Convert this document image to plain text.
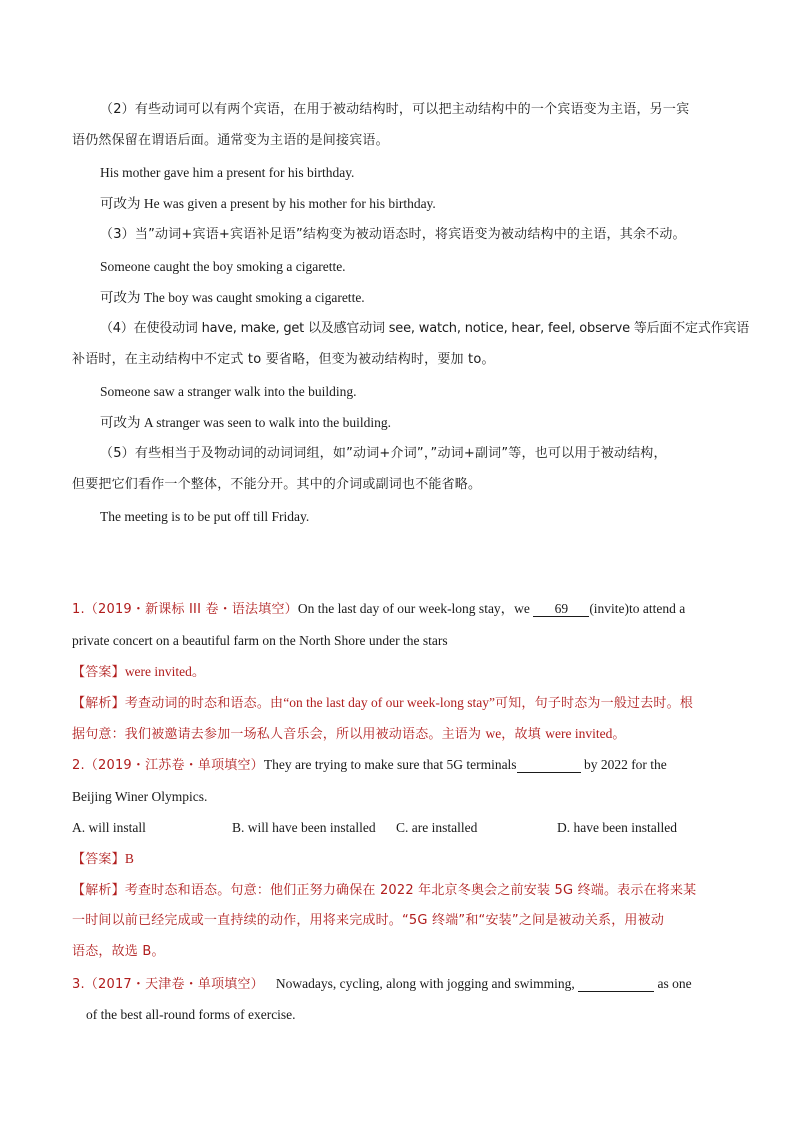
（2）有些动词可以有两个宾语，在用于被动结构时，可以把主动结构中的一个宾语变为主语，另一宾
语仍然保留在谓语后面。通常变为主语的是间接宾语。
His mother gave him a present for his birthday.
可改为 He was given a present by his mother for his birthday.
（3）当”动词+宾语+宾语补足语”结构变为被动语态时，将宾语变为被动结构中的主语，其余不动。
Someone caught the boy smoking a cigarette.
可改为 The boy was caught smoking a cigarette.
（4）在使役动词 have, make, get 以及感官动词 see, watch, notice, hear, feel, observe 等后面不定式作宾语
补语时，在主动结构中不定式 to 要省略，但变为被动结构时，要加 to。
Someone saw a stranger walk into the building.
可改为 A stranger was seen to walk into the building.
（5）有些相当于及物动词的动词词组，如”动词+介词”，”动词+副词”等，也可以用于被动结构，
但要把它们看作一个整体，不能分开。其中的介词或副词也不能省略。
The meeting is to be put off till Friday.
1.（2019・新课标 III 卷・语法填空）On the last day of our week-long stay，we 69 (invite)to attend a
private concert on a beautiful farm on the North Shore under the stars
【答案】were invited。
【解析】考查动词的时态和语态。由“on the last day of our week-long stay”可知，句子时态为一般过去时。根
据句意：我们被邀请去参加一场私人音乐会，所以用被动语态。主语为 we，故填 were invited。
2.（2019・江苏卷・单项填空）They are trying to make sure that 5G terminals	by 2022 for the
Beijing Winer Olympics.
A. will install	B. will have been installed C. are installed	D. have been installed
【答案】B
【解析】考查时态和语态。句意：他们正努力确保在 2022 年北京冬奥会之前安装 5G 终端。表示在将来某
一时间以前已经完成或一直持续的动作，用将来完成时。“5G 终端”和“安装”之间是被动关系，用被动
语态，故选 B。
3.（2017・天津卷・单项填空） Nowadays, cycling, along with jogging and swimming,	as one
of the best all-round forms of exercise.
